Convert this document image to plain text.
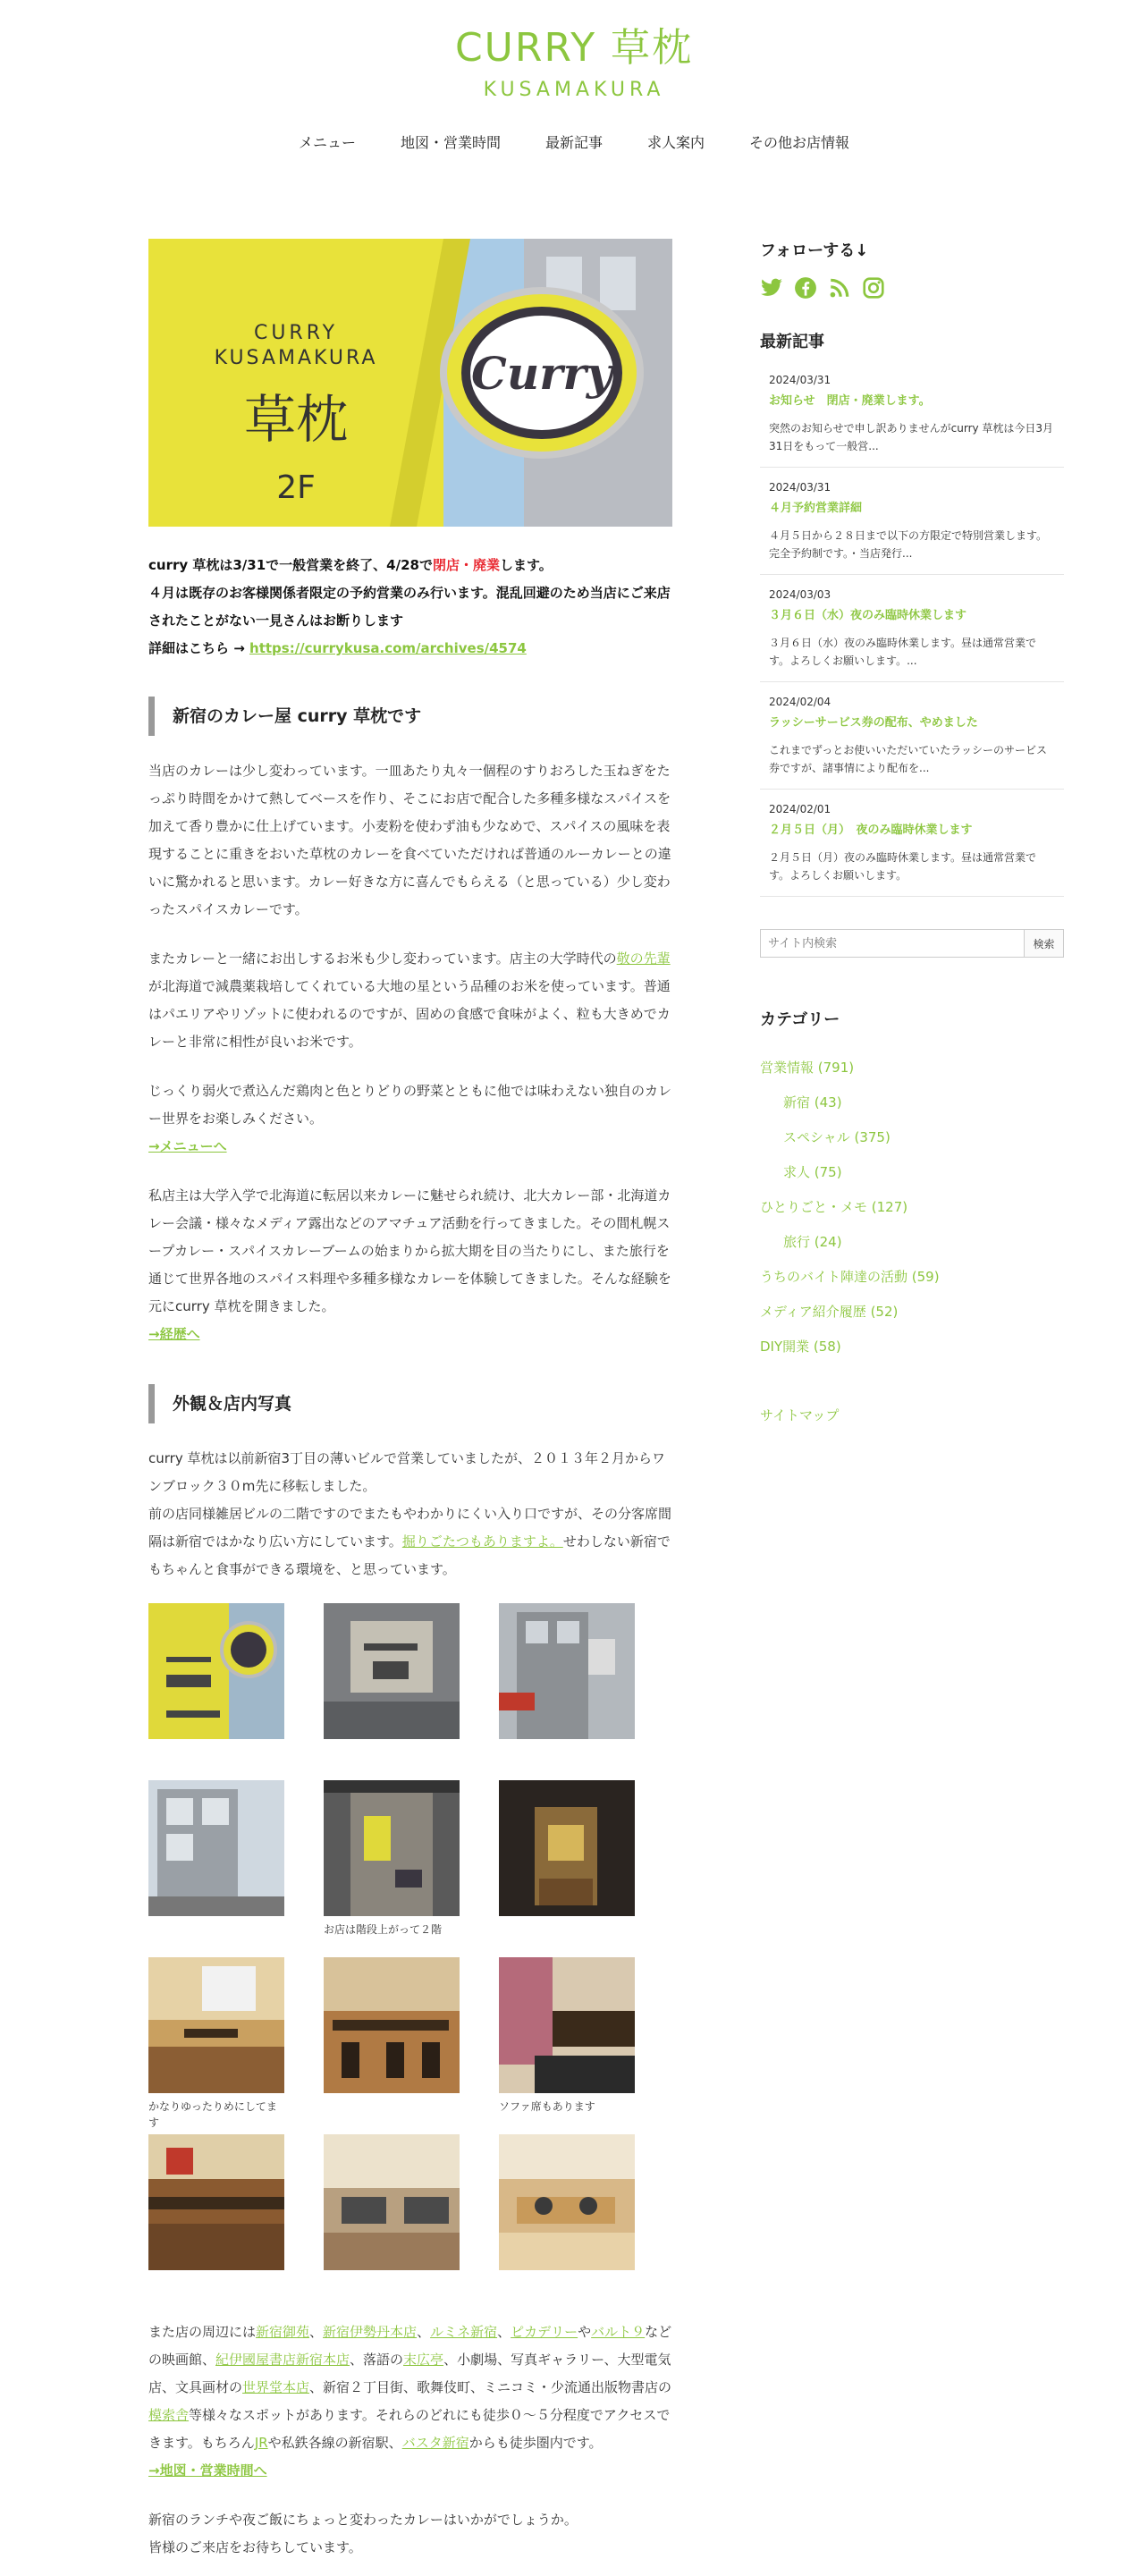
CURRY 草枕
KUSAMAKURA
メニュー	地図・営業時間	最新記事	求人案内	その他お店情報
CURRY
KUSAMAKURA
草枕
2F
Curry
curry 草枕は3/31で一般営業を終了、4/28で閉店・廃業します。
４月は既存のお客様関係者限定の予約営業のみ行います。混乱回避のため当店にご来店されたことがない一見さんはお断りします
詳細はこちら → https://currykusa.com/archives/4574
新宿のカレー屋 curry 草枕です

当店のカレーは少し変わっています。一皿あたり丸々一個程のすりおろした玉ねぎをたっぷり時間をかけて熱してベースを作り、そこにお店で配合した多種多様なスパイスを加えて香り豊かに仕上げています。小麦粉を使わず油も少なめで、スパイスの風味を表現することに重きをおいた草枕のカレーを食べていただければ普通のルーカレーとの違いに驚かれると思います。カレー好きな方に喜んでもらえる（と思っている）少し変わったスパイスカレーです。

またカレーと一緒にお出しするお米も少し変わっています。店主の大学時代の敬の先輩が北海道で減農薬栽培してくれている大地の星という品種のお米を使っています。普通はパエリアやリゾットに使われるのですが、固めの食感で食味がよく、粒も大きめでカレーと非常に相性が良いお米です。

じっくり弱火で煮込んだ鶏肉と色とりどりの野菜とともに他では味わえない独自のカレー世界をお楽しみください。
→メニューへ

私店主は大学入学で北海道に転居以来カレーに魅せられ続け、北大カレー部・北海道カレー会議・様々なメディア露出などのアマチュア活動を行ってきました。その間札幌スープカレー・スパイスカレーブームの始まりから拡大期を目の当たりにし、また旅行を通じて世界各地のスパイス料理や多種多様なカレーを体験してきました。そんな経験を元にcurry 草枕を開きました。
→経歴へ

外観＆店内写真

curry 草枕は以前新宿3丁目の薄いビルで営業していましたが、２０１３年２月からワンブロック３０m先に移転しました。

前の店同様雑居ビルの二階ですのでまたもやわかりにくい入り口ですが、その分客席間隔は新宿ではかなり広い方にしています。掘りごたつもありますよ。せわしない新宿でもちゃんと食事ができる環境を、と思っています。

お店は階段上がって２階
かなりゆったりめにしてます
ソファ席もあります

また店の周辺には新宿御苑、新宿伊勢丹本店、ルミネ新宿、ピカデリーやバルト９などの映画館、紀伊國屋書店新宿本店、落語の末広亭、小劇場、写真ギャラリー、大型電気店、文具画材の世界堂本店、新宿２丁目街、歌舞伎町、ミニコミ・少流通出版物書店の模索舎等様々なスポットがあります。それらのどれにも徒歩０〜５分程度でアクセスできます。もちろんJRや私鉄各線の新宿駅、バスタ新宿からも徒歩圏内です。
→地図・営業時間へ

新宿のランチや夜ご飯にちょっと変わったカレーはいかがでしょうか。
皆様のご来店をお待ちしています。

フォローする↓
最新記事
2024/03/31
お知らせ　閉店・廃業します。
突然のお知らせで申し訳ありませんがcurry 草枕は今日3月31日をもって一般営...
2024/03/31
４月予約営業詳細
４月５日から２８日まで以下の方限定で特別営業します。完全予約制です。・当店発行...
2024/03/03
３月６日（水）夜のみ臨時休業します
３月６日（水）夜のみ臨時休業します。昼は通常営業です。よろしくお願いします。...
2024/02/04
ラッシーサービス券の配布、やめました
これまでずっとお使いいただいていたラッシーのサービス券ですが、諸事情により配布を...
2024/02/01
２月５日（月）　夜のみ臨時休業します
２月５日（月）夜のみ臨時休業します。昼は通常営業です。よろしくお願いします。
サイト内検索
検索
カテゴリー
営業情報 (791)
新宿 (43)
スペシャル (375)
求人 (75)
ひとりごと・メモ (127)
旅行 (24)
うちのバイト陣達の活動 (59)
メディア紹介履歴 (52)
DIY開業 (58)
サイトマップ
